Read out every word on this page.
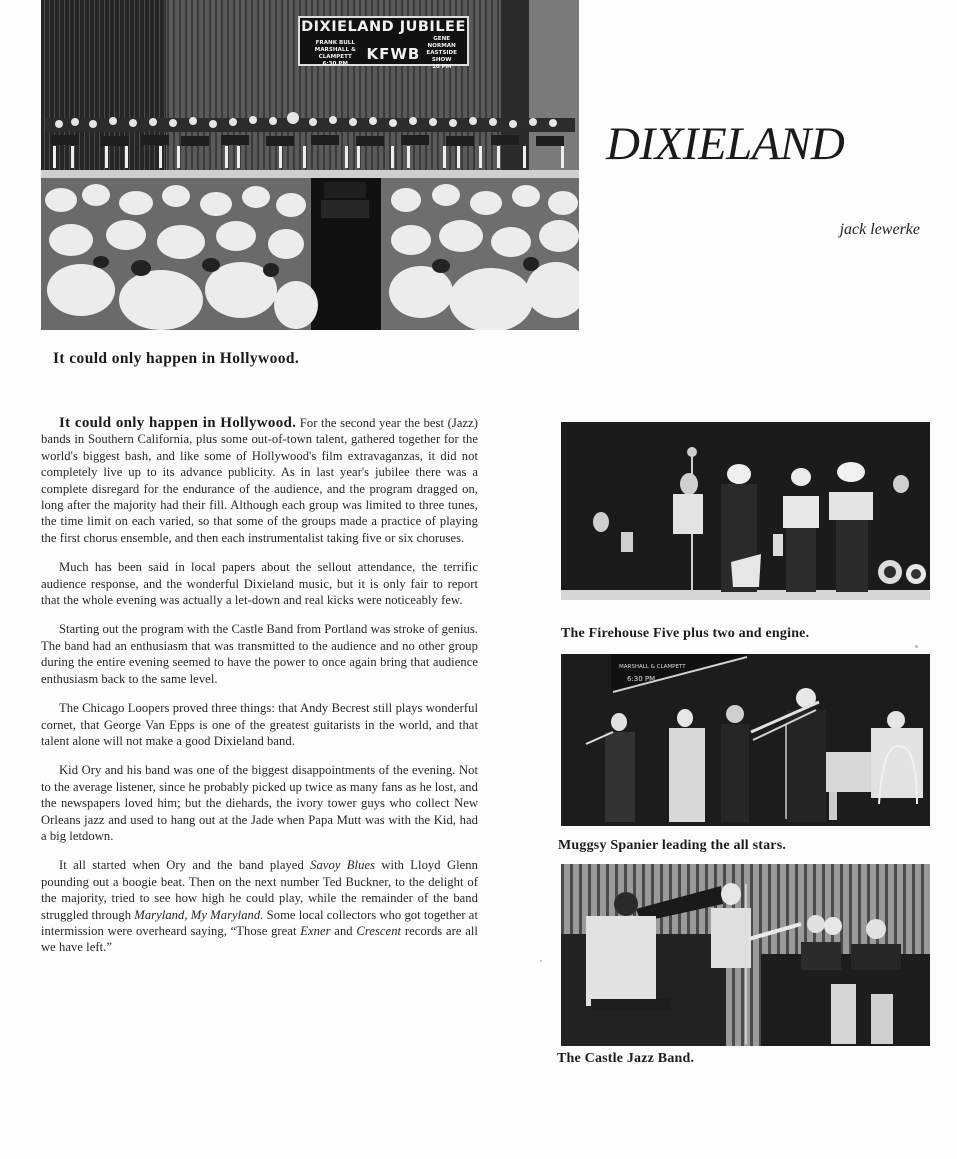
DIXIELAND JUBILEE
FRANK BULL
MARSHALL & CLAMPETT
6:30 PM
KFWB
GENE NORMAN
EASTSIDE SHOW
10 PM
DIXIELAND
jack lewerke
It could only happen in Hollywood.

It could only happen in Hollywood. For the second year the best (Jazz) bands in Southern California, plus some out-of-town talent, gathered together for the world's biggest bash, and like some of Hollywood's film extravaganzas, it did not completely live up to its advance publicity. As in last year's jubilee there was a complete disregard for the endurance of the audience, and the program dragged on, long after the majority had their fill. Although each group was limited to three tunes, the time limit on each varied, so that some of the groups made a practice of playing the first chorus ensemble, and then each instrumentalist taking five or six choruses.

Much has been said in local papers about the sellout attendance, the terrific audience response, and the wonderful Dixieland music, but it is only fair to report that the whole evening was actually a let-down and real kicks were noticeably few.

Starting out the program with the Castle Band from Portland was stroke of genius. The band had an enthusiasm that was transmitted to the audience and no other group during the entire evening seemed to have the power to once again bring that audience enthusiasm back to the same level.

The Chicago Loopers proved three things: that Andy Becrest still plays wonderful cornet, that George Van Epps is one of the greatest guitarists in the world, and that talent alone will not make a good Dixieland band.

Kid Ory and his band was one of the biggest disappointments of the evening. Not to the average listener, since he probably picked up twice as many fans as he lost, and the newspapers loved him; but the diehards, the ivory tower guys who collect New Orleans jazz and used to hang out at the Jade when Papa Mutt was with the Kid, had a big letdown.

It all started when Ory and the band played Savoy Blues with Lloyd Glenn pounding out a boogie beat. Then on the next number Ted Buckner, to the delight of the majority, tried to see how high he could play, while the remainder of the band struggled through Maryland, My Maryland. Some local collectors who got together at intermission were overheard saying, “Those great Exner and Crescent records are all we have left.”

The Firehouse Five plus two and engine.
MARSHALL & CLAMPETT
6:30 PM
Muggsy Spanier leading the all stars.
The Castle Jazz Band.
